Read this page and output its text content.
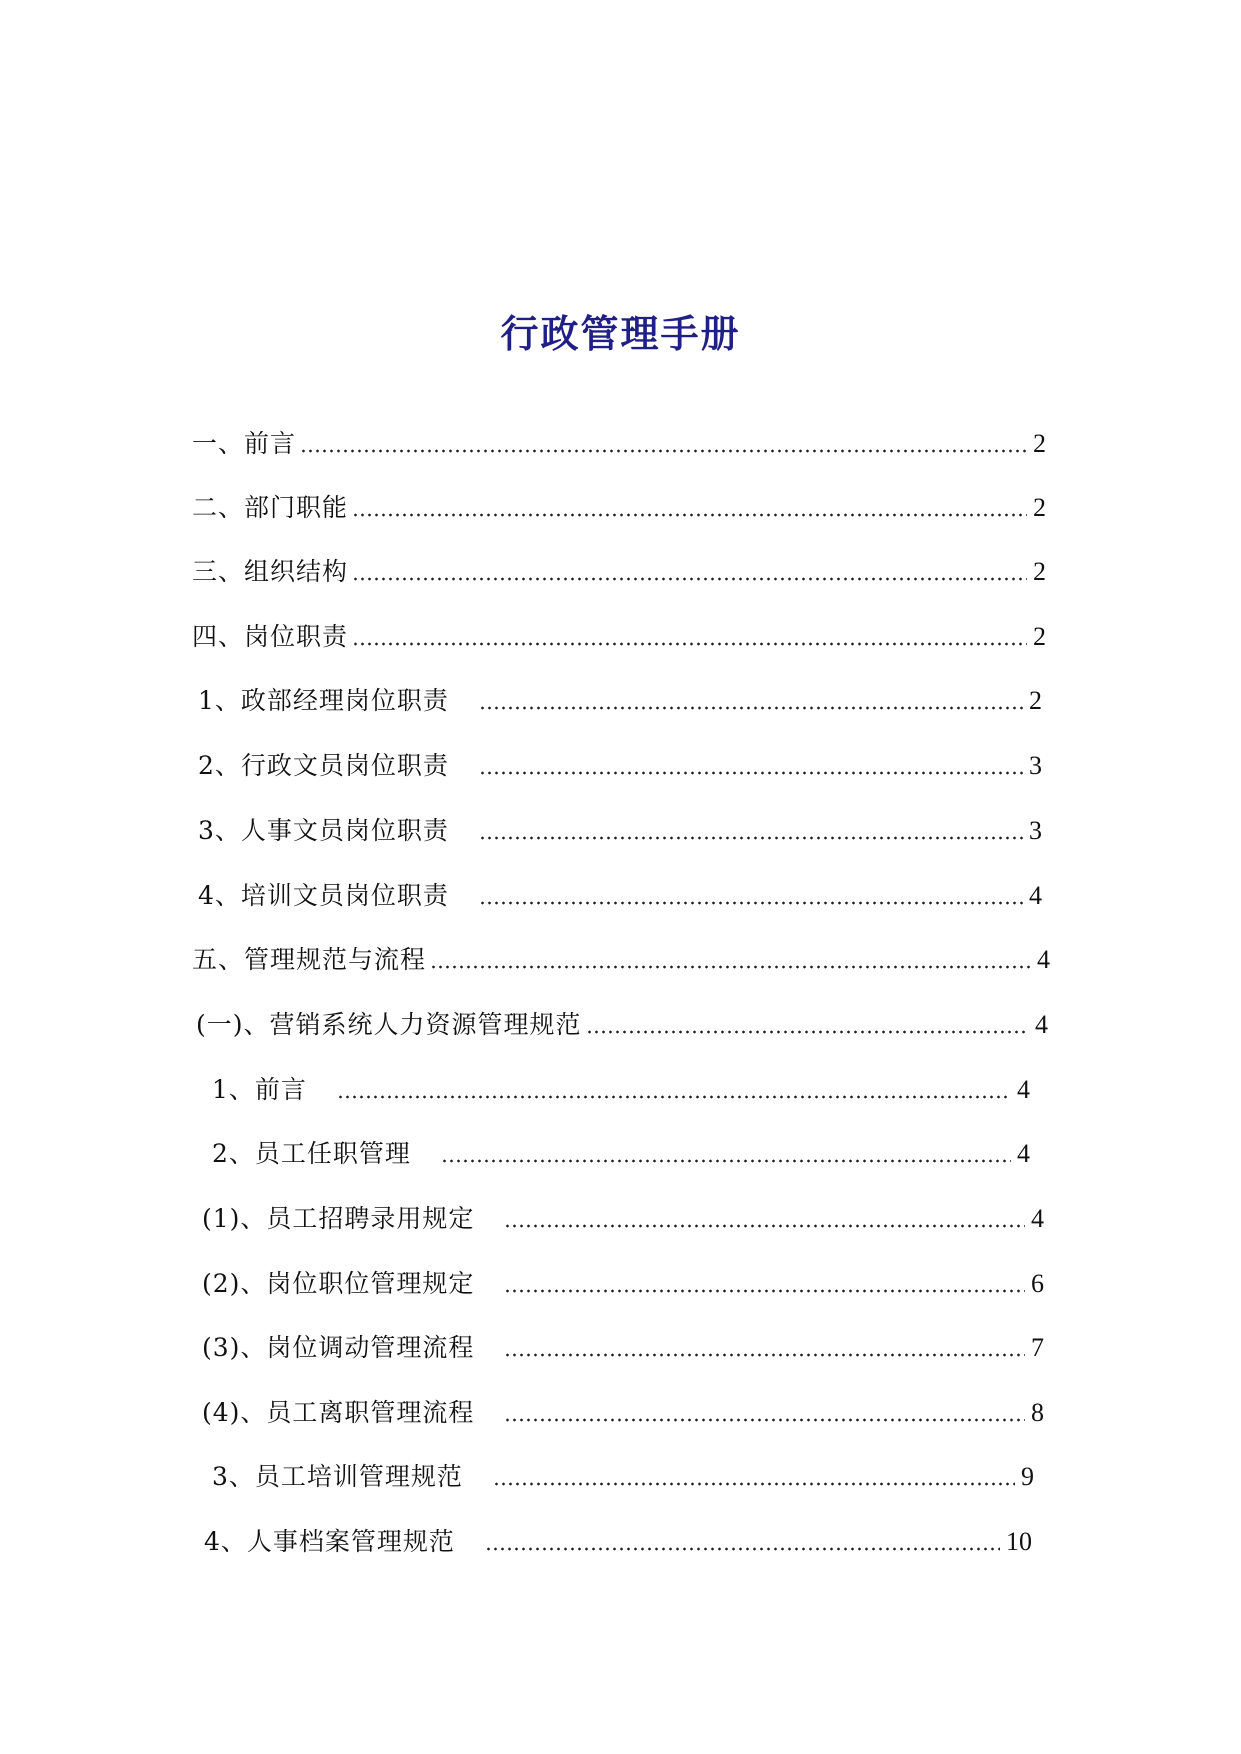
行政管理手册
一、前言	2
二、部门职能	2
三、组织结构	2
四、岗位职责	2
1、政部经理岗位职责	2
2、行政文员岗位职责	3
3、人事文员岗位职责	3
4、培训文员岗位职责	4
五、管理规范与流程	4
(一)、营销系统人力资源管理规范	4
1、前言	4
2、员工任职管理	4
(1)、员工招聘录用规定	4
(2)、岗位职位管理规定	6
(3)、岗位调动管理流程	7
(4)、员工离职管理流程	8
3、员工培训管理规范	9
4、人事档案管理规范	10
